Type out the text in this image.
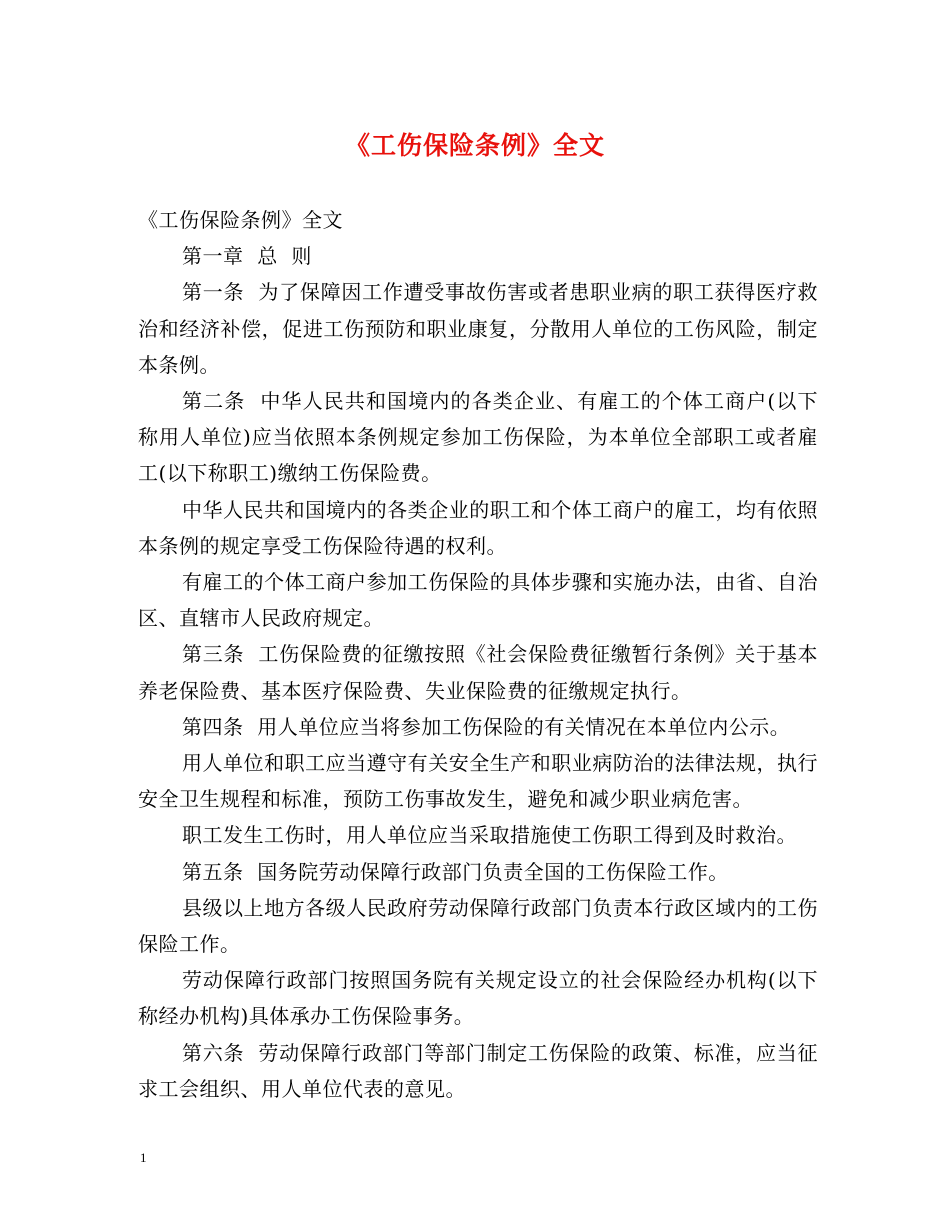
《工伤保险条例》全文

《工伤保险条例》全文

第一章  总  则

第一条  为了保障因工作遭受事故伤害或者患职业病的职工获得医疗救治和经济补偿，促进工伤预防和职业康复，分散用人单位的工伤风险，制定本条例。

第二条  中华人民共和国境内的各类企业、有雇工的个体工商户(以下称用人单位)应当依照本条例规定参加工伤保险，为本单位全部职工或者雇工(以下称职工)缴纳工伤保险费。

中华人民共和国境内的各类企业的职工和个体工商户的雇工，均有依照本条例的规定享受工伤保险待遇的权利。

有雇工的个体工商户参加工伤保险的具体步骤和实施办法，由省、自治区、直辖市人民政府规定。

第三条  工伤保险费的征缴按照《社会保险费征缴暂行条例》关于基本养老保险费、基本医疗保险费、失业保险费的征缴规定执行。

第四条  用人单位应当将参加工伤保险的有关情况在本单位内公示。

用人单位和职工应当遵守有关安全生产和职业病防治的法律法规，执行安全卫生规程和标准，预防工伤事故发生，避免和减少职业病危害。

职工发生工伤时，用人单位应当采取措施使工伤职工得到及时救治。

第五条  国务院劳动保障行政部门负责全国的工伤保险工作。

县级以上地方各级人民政府劳动保障行政部门负责本行政区域内的工伤保险工作。

劳动保障行政部门按照国务院有关规定设立的社会保险经办机构(以下称经办机构)具体承办工伤保险事务。

第六条  劳动保障行政部门等部门制定工伤保险的政策、标准，应当征求工会组织、用人单位代表的意见。

1
